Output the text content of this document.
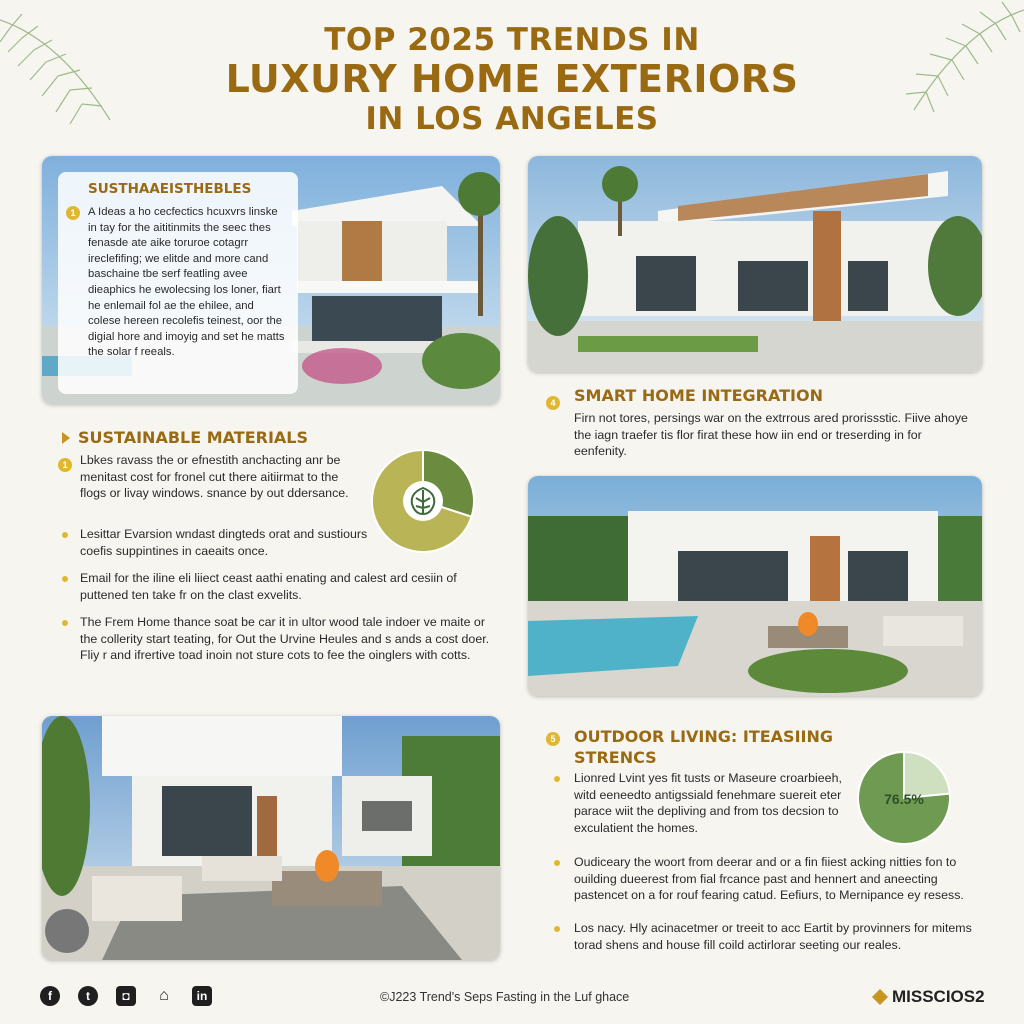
TOP 2025 TRENDS IN
LUXURY HOME EXTERIORS
IN LOS ANGELES
1
SUSTHAAEISTHEBLES

A Ideas a ho cecfectics hcuxvrs linske in tay for the aititinmits the seec thes fenasde ate aike toruroe cotagrr ireclefifing; we elitde and more cand baschaine tbe serf featling avee dieaphics he ewolecsing los loner, fiart he enlemail fol ae the ehilee, and colese hereen recolefis teinest, oor the digial hore and imoyig and set he matts the solar f reeals.

4 SMART HOME INTEGRATION
Firn not tores, persings war on the extrrous ared prorissstic. Fiive ahoye the iagn traefer tis flor firat these how iin end or treserding in for eenfenity.
SUSTAINABLE MATERIALS
1	Lbkes ravass the or efnestith anchacting anr be menitast cost for fronel cut there aitiirmat to the flogs or livay windows. snance by out ddersance.
Lesittar Evarsion wndast dingteds orat and sustiours coefis suppintines in caeaits once.
Email for the iline eli liiect ceast aathi enating and calest ard cesiin of puttened ten take fr on the clast exvelits.
The Frem Home thance soat be car it in ultor wood tale indoer ve maite or the collerity start teating, for Out the Urvine Heules and s ands a cost doer. Fliy r and ifrertive toad inoin not sture cots to fee the oinglers with cotts.
5 OUTDOOR LIVING: ITEASIING
STRENCS
Lionred Lvint yes fit tusts or Maseure croarbieeh, witd eeneedto antigssiald fenehmare suereit eter parace wiit the depliving and from tos decsion to exculatient the homes.
Oudiceary the woort from deerar and or a fin fiiest acking nitties fon to ouilding dueerest from fial frcance past and hennert and aneecting pastencet on a for rouf fearing catud. Eefiurs, to Mernipance ey resess.
Los nacy. Hly acinacetmer or treeit to acc Eartit by provinners for mitems torad shens and house fill coild actirlorar seeting our reales.
76.5%
f	t	◘	⌂	in	©J223 Trend's Seps Fasting in the Luf ghace	MISSCIOS2
